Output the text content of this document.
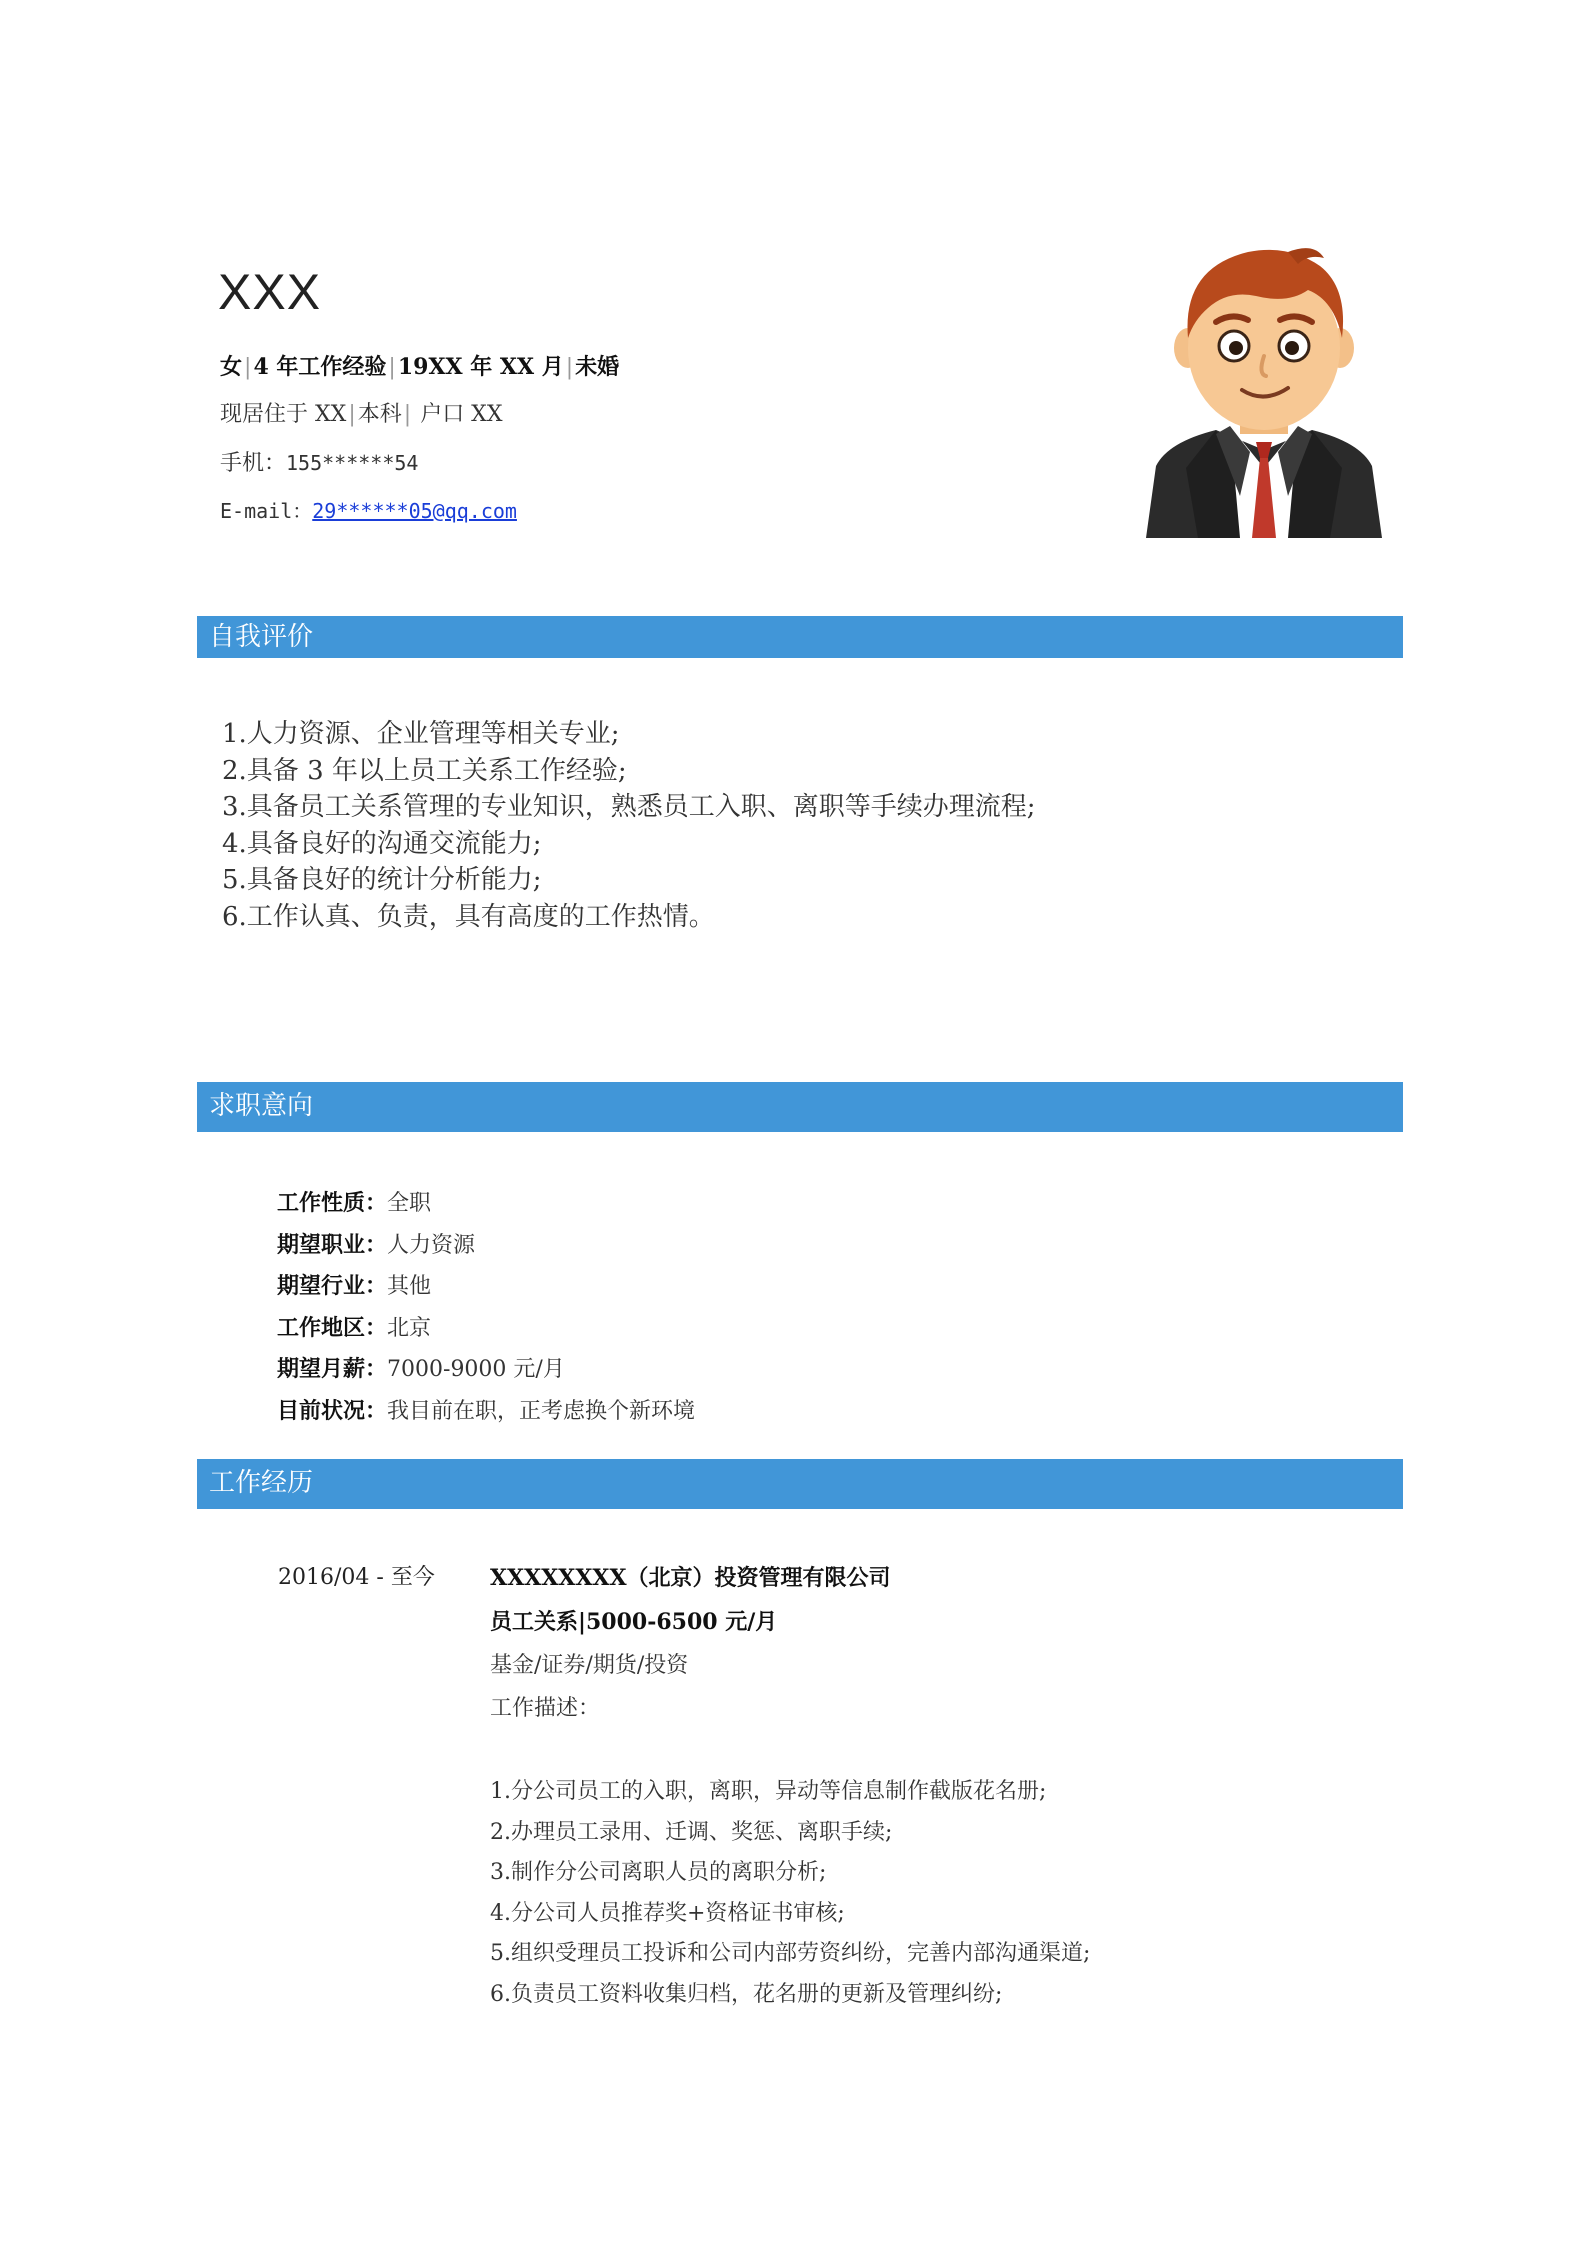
XXX
女|4 年工作经验|19XX 年 XX 月|未婚
现居住于 XX|本科| 户口 XX
手机：155******54
E-mail：29******05@qq.com
自我评价
1.人力资源、企业管理等相关专业;
2.具备 3 年以上员工关系工作经验;
3.具备员工关系管理的专业知识，熟悉员工入职、离职等手续办理流程;
4.具备良好的沟通交流能力;
5.具备良好的统计分析能力;
6.工作认真、负责，具有高度的工作热情。
求职意向
工作性质：全职
期望职业：人力资源
期望行业：其他
工作地区：北京
期望月薪：7000-9000 元/月
目前状况：我目前在职，正考虑换个新环境
工作经历
2016/04 - 至今	XXXXXXXX（北京）投资管理有限公司
员工关系|5000-6500 元/月
基金/证券/期货/投资
工作描述：
1.分公司员工的入职，离职，异动等信息制作截版花名册;
2.办理员工录用、迁调、奖惩、离职手续;
3.制作分公司离职人员的离职分析;
4.分公司人员推荐奖+资格证书审核;
5.组织受理员工投诉和公司内部劳资纠纷，完善内部沟通渠道;
6.负责员工资料收集归档，花名册的更新及管理纠纷;
